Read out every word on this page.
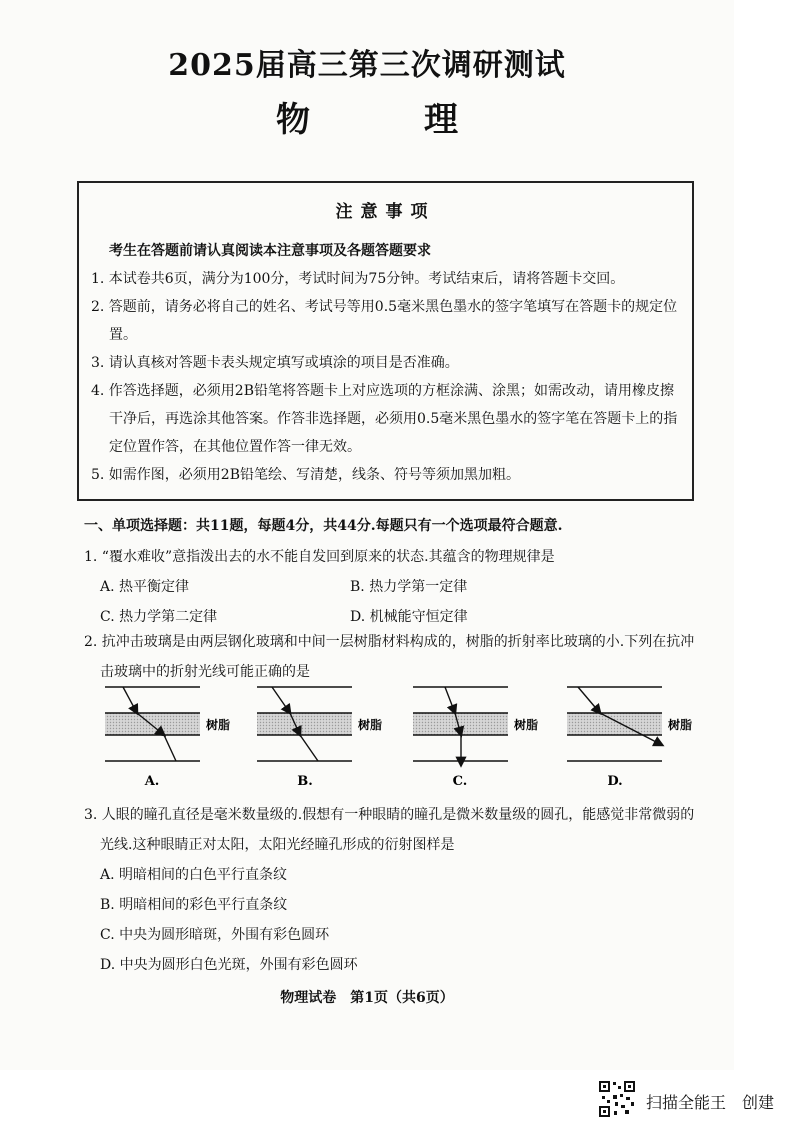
2025届高三第三次调研测试
物　理
注意事项
考生在答题前请认真阅读本注意事项及各题答题要求
1. 本试卷共6页，满分为100分，考试时间为75分钟。考试结束后，请将答题卡交回。
2. 答题前，请务必将自己的姓名、考试号等用0.5毫米黑色墨水的签字笔填写在答题卡的规定位置。
3. 请认真核对答题卡表头规定填写或填涂的项目是否准确。
4. 作答选择题，必须用2B铅笔将答题卡上对应选项的方框涂满、涂黑；如需改动，请用橡皮擦干净后，再选涂其他答案。作答非选择题，必须用0.5毫米黑色墨水的签字笔在答题卡上的指定位置作答，在其他位置作答一律无效。
5. 如需作图，必须用2B铅笔绘、写清楚，线条、符号等须加黑加粗。
一、单项选择题：共11题，每题4分，共44分.每题只有一个选项最符合题意.
1. “覆水难收”意指泼出去的水不能自发回到原来的状态.其蕴含的物理规律是
A. 热平衡定律	B. 热力学第一定律
C. 热力学第二定律	D. 机械能守恒定律
2. 抗冲击玻璃是由两层钢化玻璃和中间一层树脂材料构成的，树脂的折射率比玻璃的小.下列在抗冲击玻璃中的折射光线可能正确的是
树脂
A.
树脂
B.
树脂
C.
树脂
D.
3. 人眼的瞳孔直径是毫米数量级的.假想有一种眼睛的瞳孔是微米数量级的圆孔，能感觉非常微弱的光线.这种眼睛正对太阳，太阳光经瞳孔形成的衍射图样是
A. 明暗相间的白色平行直条纹
B. 明暗相间的彩色平行直条纹
C. 中央为圆形暗斑，外围有彩色圆环
D. 中央为圆形白色光斑，外围有彩色圆环
物理试卷　第1页（共6页）
扫描全能王　创建
